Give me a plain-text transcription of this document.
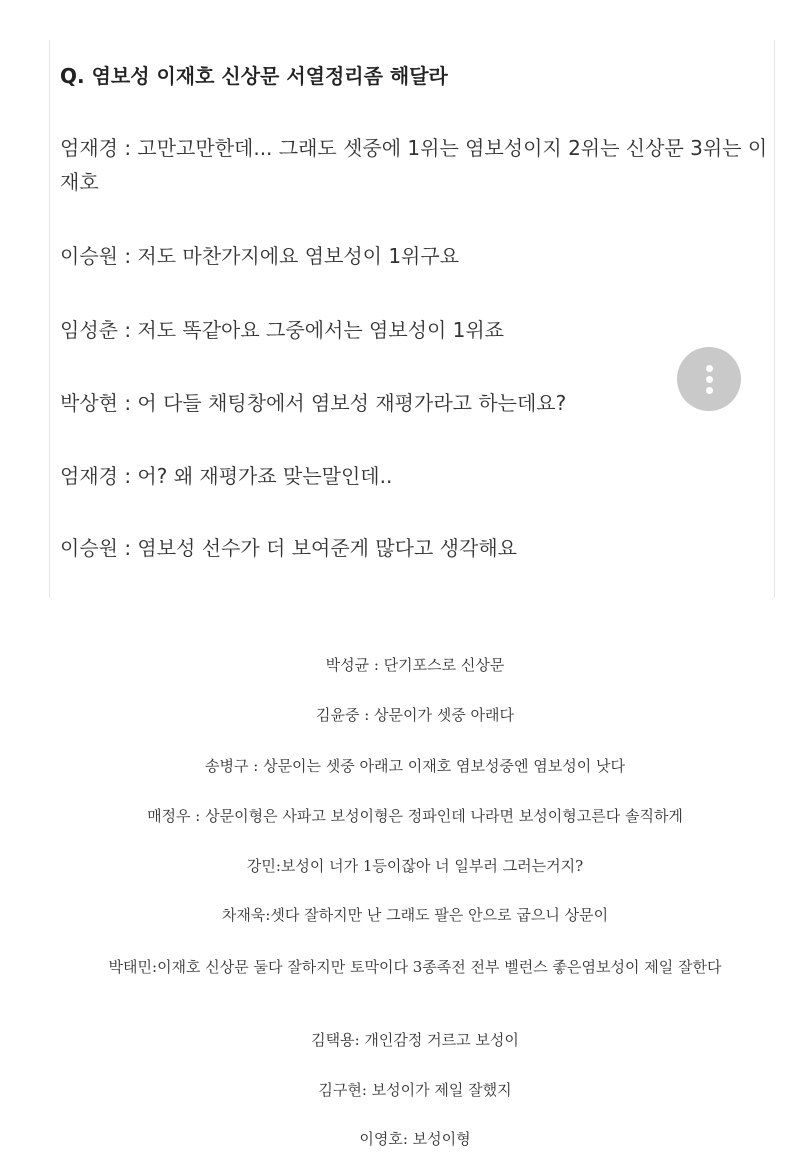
Q. 염보성 이재호 신상문 서열정리좀 해달라
엄재경 : 고만고만한데... 그래도 셋중에 1위는 염보성이지 2위는 신상문 3위는 이재호
이승원 : 저도 마찬가지에요 염보성이 1위구요
임성춘 : 저도 똑같아요 그중에서는 염보성이 1위죠
박상현 : 어 다들 채팅창에서 염보성 재평가라고 하는데요?
엄재경 : 어? 왜 재평가죠 맞는말인데..
이승원 : 염보성 선수가 더 보여준게 많다고 생각해요
박성균 : 단기포스로 신상문
김윤중 : 상문이가 셋중 아래다
송병구 : 상문이는 셋중 아래고 이재호 염보성중엔 염보성이 낫다
매정우 : 상문이형은 사파고 보성이형은 정파인데 나라면 보성이형고른다 솔직하게
강민:보성이 너가 1등이잖아 너 일부러 그러는거지?
차재욱:셋다 잘하지만 난 그래도 팔은 안으로 굽으니 상문이
박태민:이재호 신상문 둘다 잘하지만 토막이다 3종족전 전부 벨런스 좋은염보성이 제일 잘한다
김택용: 개인감정 거르고 보성이
김구현: 보성이가 제일 잘했지
이영호: 보성이형
